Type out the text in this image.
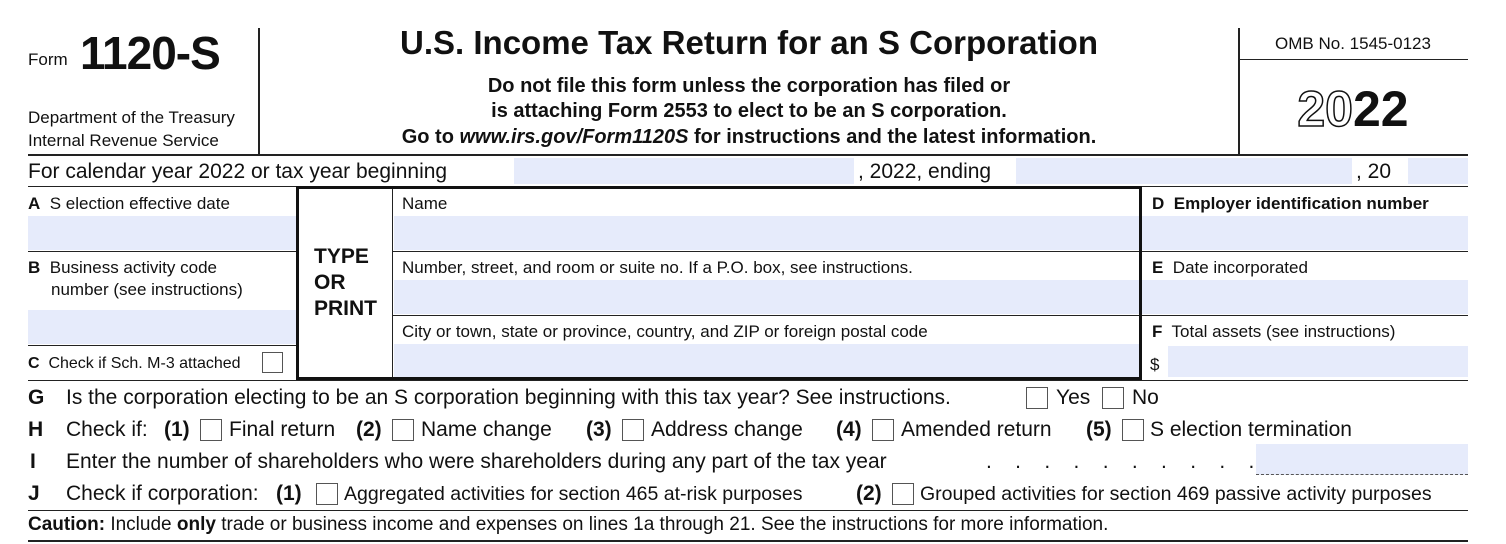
Form 1120-S
Department of the Treasury
Internal Revenue Service
U.S. Income Tax Return for an S Corporation
Do not file this form unless the corporation has filed or
is attaching Form 2553 to elect to be an S corporation.
Go to www.irs.gov/Form1120S for instructions and the latest information.
OMB No. 1545-0123
2022
For calendar year 2022 or tax year beginning	, 2022, ending	, 20
A S election effective date
B Business activity code
number (see instructions)
C Check if Sch. M-3 attached
TYPE
OR
PRINT
Name
Number, street, and room or suite no. If a P.O. box, see instructions.
City or town, state or province, country, and ZIP or foreign postal code
D Employer identification number
E Date incorporated
F Total assets (see instructions)
$
G Is the corporation electing to be an S corporation beginning with this tax year? See instructions.	Yes No
H Check if: (1) Final return (2) Name change (3) Address change (4) Amended return (5) S election termination
I Enter the number of shareholders who were shareholders during any part of the tax year	.    .    .    .    .    .    .    .    .    .
J Check if corporation: (1) Aggregated activities for section 465 at-risk purposes	(2) Grouped activities for section 469 passive activity purposes
Caution: Include only trade or business income and expenses on lines 1a through 21. See the instructions for more information.
